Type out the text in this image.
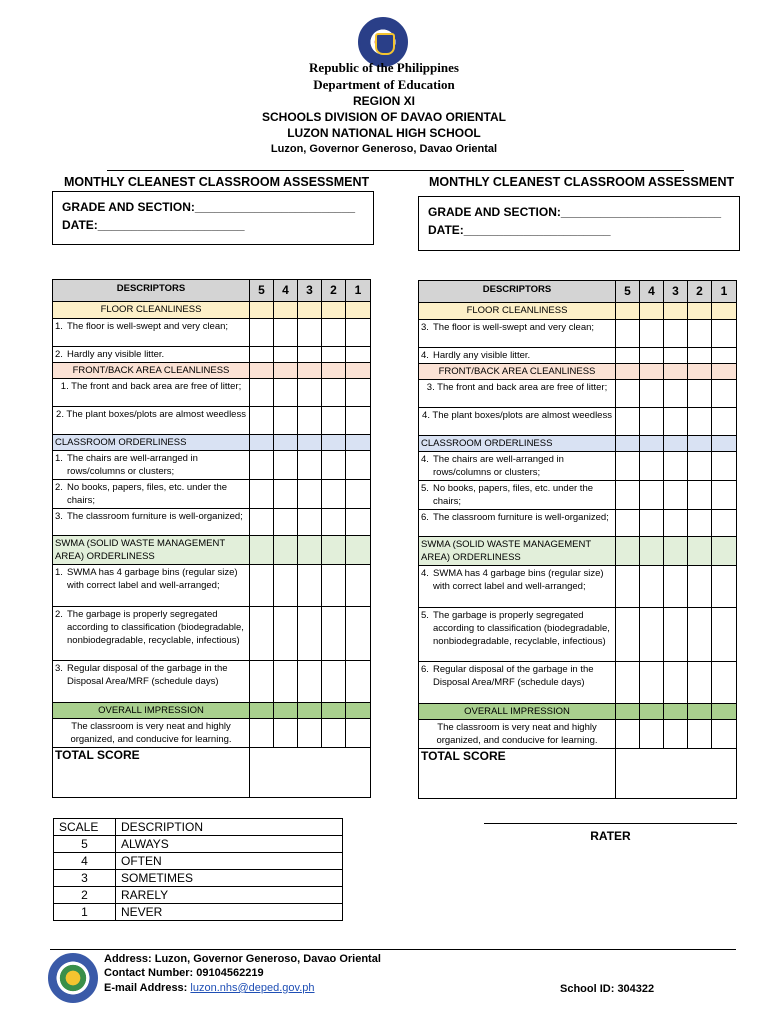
Republic of the Philippines
Department of Education
REGION XI
SCHOOLS DIVISION OF DAVAO ORIENTAL
LUZON NATIONAL HIGH SCHOOL
Luzon, Governor Generoso, Davao Oriental
MONTHLY CLEANEST CLASSROOM ASSESSMENT
GRADE AND SECTION:________________________
DATE:______________________
DESCRIPTORS	5	4	3	2	1
FLOOR CLEANLINESS					

1. The floor is well-swept and very clean;					

2. Hardly any visible litter.					

FRONT/BACK AREA CLEANLINESS					
1. The front and back area are free of litter;					
2. The plant boxes/plots are almost weedless					
CLASSROOM ORDERLINESS					

1. The chairs are well-arranged in rows/columns or clusters;					

2. No books, papers, files, etc. under the chairs;					

3. The classroom furniture is well-organized;					

SWMA (SOLID WASTE MANAGEMENT AREA) ORDERLINESS					

1. SWMA has 4 garbage bins (regular size) with correct label and well-arranged;					

2. The garbage is properly segregated according to classification (biodegradable, nonbiodegradable, recyclable, infectious)					

3. Regular disposal of the garbage in the Disposal Area/MRF (schedule days)					

OVERALL IMPRESSION					
The classroom is very neat and highly organized, and conducive for learning.					
TOTAL SCORE					
MONTHLY CLEANEST CLASSROOM ASSESSMENT
GRADE AND SECTION:________________________
DATE:______________________
DESCRIPTORS	5	4	3	2	1
FLOOR CLEANLINESS					

3. The floor is well-swept and very clean;					

4. Hardly any visible litter.					

FRONT/BACK AREA CLEANLINESS					
3. The front and back area are free of litter;					
4. The plant boxes/plots are almost weedless					
CLASSROOM ORDERLINESS					

4. The chairs are well-arranged in rows/columns or clusters;					

5. No books, papers, files, etc. under the chairs;					

6. The classroom furniture is well-organized;					

SWMA (SOLID WASTE MANAGEMENT AREA) ORDERLINESS					

4. SWMA has 4 garbage bins (regular size) with correct label and well-arranged;					

5. The garbage is properly segregated according to classification (biodegradable, nonbiodegradable, recyclable, infectious)					

6. Regular disposal of the garbage in the Disposal Area/MRF (schedule days)					

OVERALL IMPRESSION					
The classroom is very neat and highly organized, and conducive for learning.					
TOTAL SCORE					
SCALE	DESCRIPTION
5	ALWAYS
4	OFTEN
3	SOMETIMES
2	RARELY
1	NEVER
RATER
Address: Luzon, Governor Generoso, Davao Oriental
Contact Number: 09104562219
E-mail Address: luzon.nhs@deped.gov.ph	School ID: 304322
